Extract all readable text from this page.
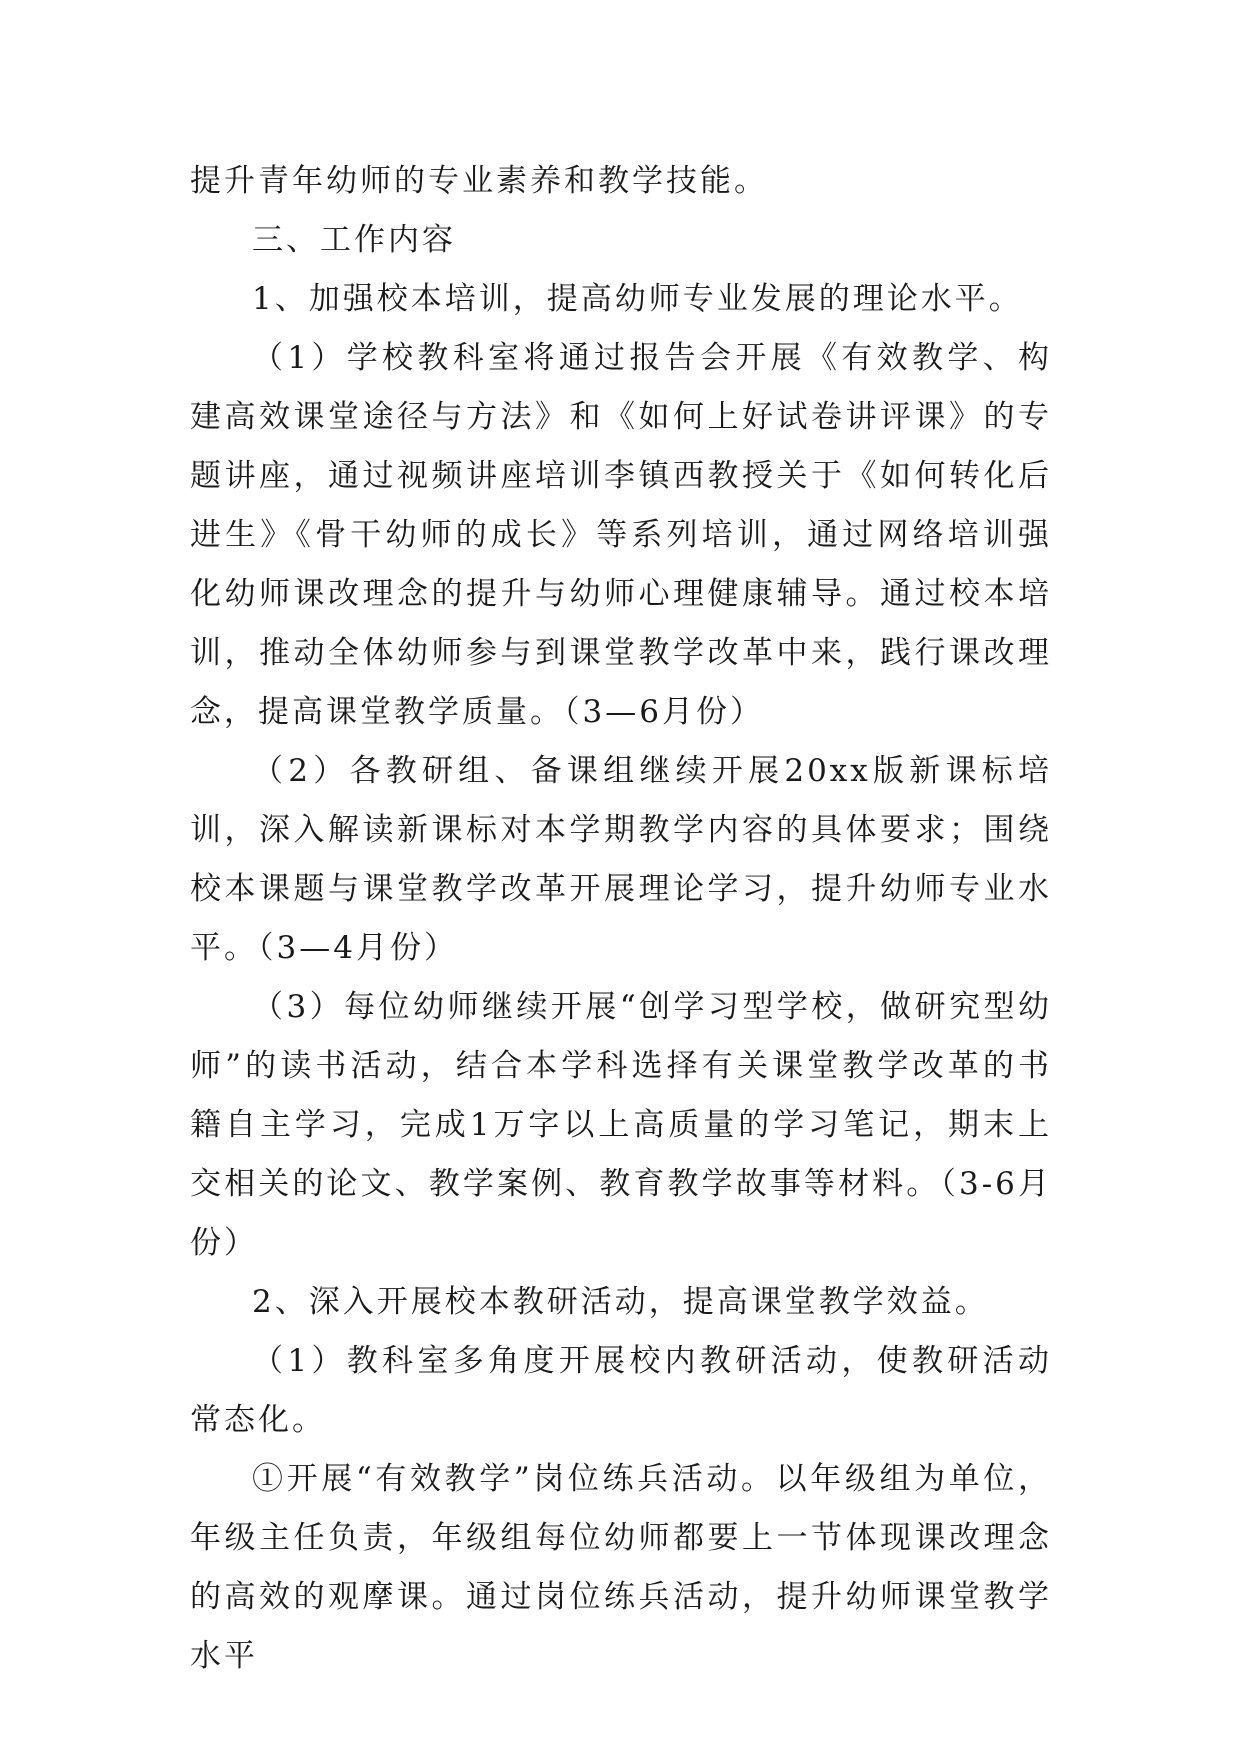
提升青年幼师的专业素养和教学技能。

三、工作内容

1、加强校本培训，提高幼师专业发展的理论水平。

（1）学校教科室将通过报告会开展《有效教学、构建高效课堂途径与方法》和《如何上好试卷讲评课》的专题讲座，通过视频讲座培训李镇西教授关于《如何转化后进生》《骨干幼师的成长》等系列培训，通过网络培训强化幼师课改理念的提升与幼师心理健康辅导。通过校本培训，推动全体幼师参与到课堂教学改革中来，践行课改理念，提高课堂教学质量。（3—6月份）

（2）各教研组、备课组继续开展20xx版新课标培训，深入解读新课标对本学期教学内容的具体要求；围绕校本课题与课堂教学改革开展理论学习，提升幼师专业水平。（3—4月份）

（3）每位幼师继续开展“创学习型学校，做研究型幼师”的读书活动，结合本学科选择有关课堂教学改革的书籍自主学习，完成1万字以上高质量的学习笔记，期末上交相关的论文、教学案例、教育教学故事等材料。（3-6月份）

2、深入开展校本教研活动，提高课堂教学效益。

（1）教科室多角度开展校内教研活动，使教研活动常态化。

①开展“有效教学”岗位练兵活动。以年级组为单位，年级主任负责，年级组每位幼师都要上一节体现课改理念的高效的观摩课。通过岗位练兵活动，提升幼师课堂教学水平
